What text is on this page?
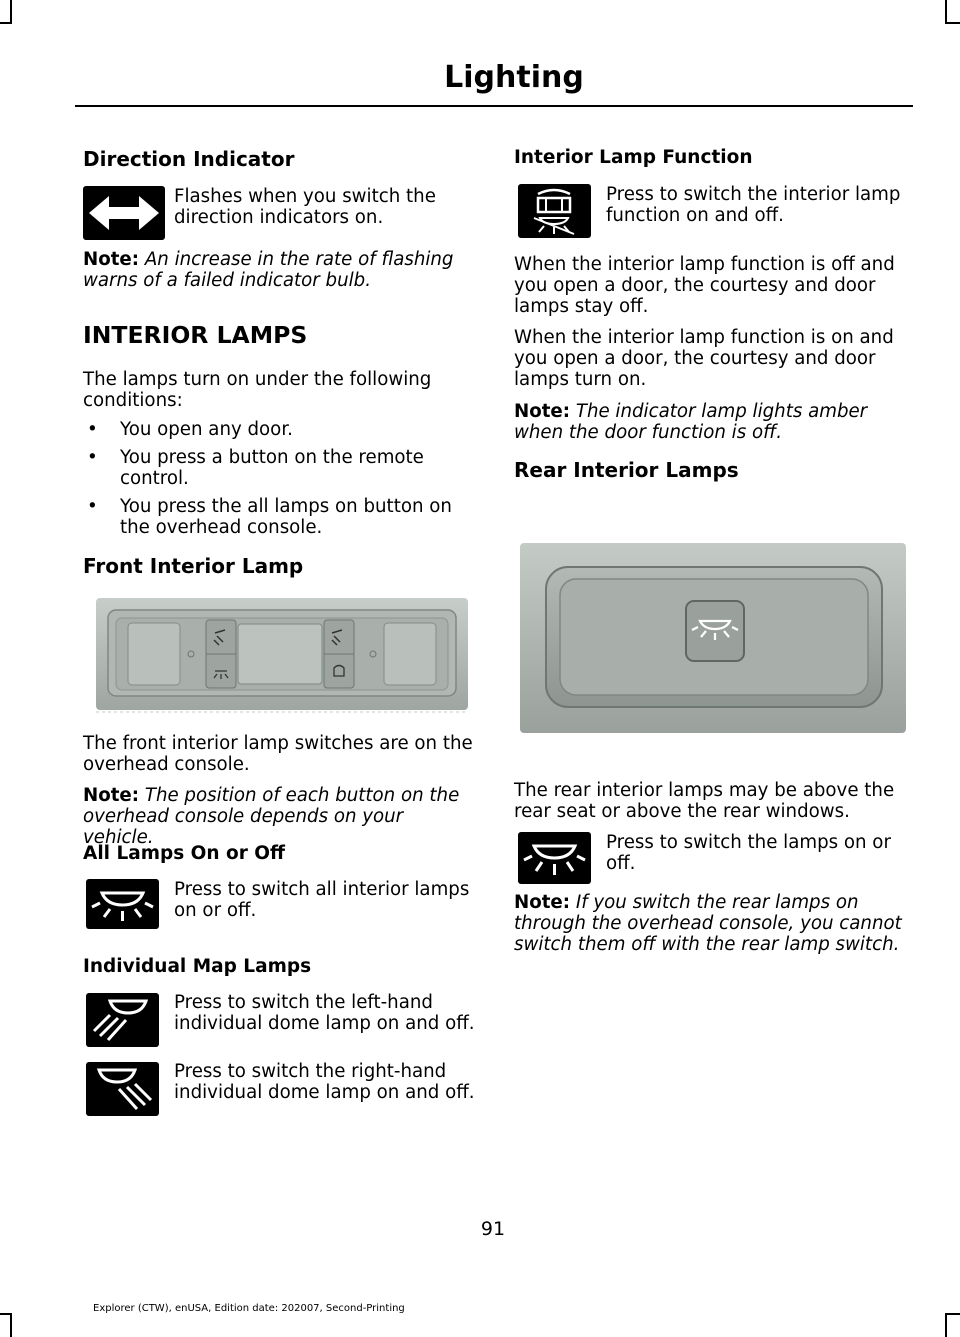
Lighting
Direction Indicator
Flashes when you switch the direction indicators on.
Note: An increase in the rate of flashing warns of a failed indicator bulb.
INTERIOR LAMPS
The lamps turn on under the following conditions:
• You open any door.
• You press a button on the remote control.
• You press the all lamps on button on the overhead console.
Front Interior Lamp
The front interior lamp switches are on the overhead console.
Note: The position of each button on the overhead console depends on your vehicle.
All Lamps On or Off
Press to switch all interior lamps on or off.
Individual Map Lamps
Press to switch the left-hand individual dome lamp on and off.
Press to switch the right-hand individual dome lamp on and off.
Interior Lamp Function
Press to switch the interior lamp function on and off.
When the interior lamp function is off and you open a door, the courtesy and door lamps stay off.
When the interior lamp function is on and you open a door, the courtesy and door lamps turn on.
Note: The indicator lamp lights amber when the door function is off.
Rear Interior Lamps
The rear interior lamps may be above the rear seat or above the rear windows.
Press to switch the lamps on or off.
Note: If you switch the rear lamps on through the overhead console, you cannot switch them off with the rear lamp switch.
91
Explorer (CTW), enUSA, Edition date: 202007, Second-Printing
